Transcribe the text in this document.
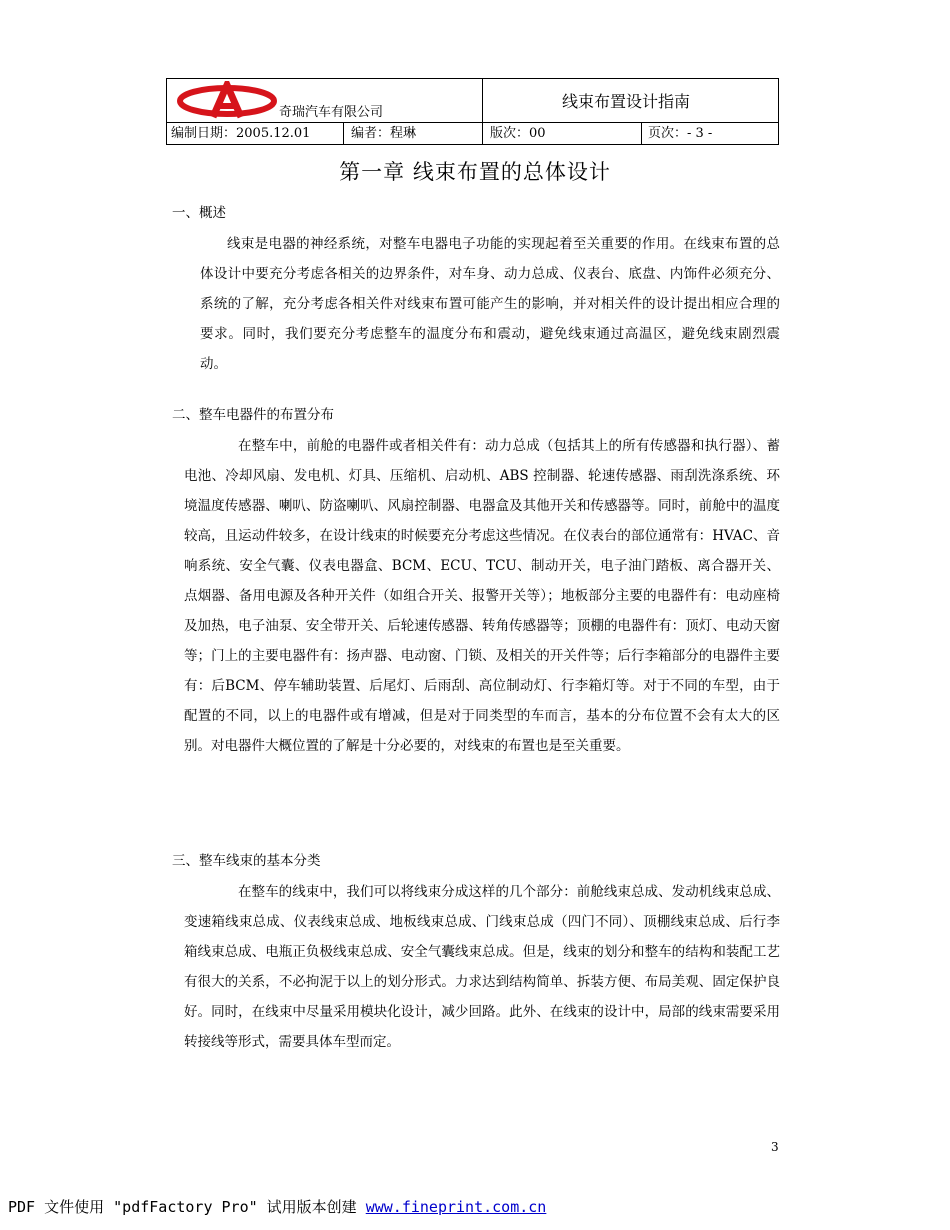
奇瑞汽车有限公司
线束布置设计指南
编制日期：2005.12.01	编者：程琳	版次：00	页次：- 3 -
第一章 线束布置的总体设计
一、概述
线束是电器的神经系统，对整车电器电子功能的实现起着至关重要的作用。在线束布置的总体设计中要充分考虑各相关的边界条件，对车身、动力总成、仪表台、底盘、内饰件必须充分、系统的了解，充分考虑各相关件对线束布置可能产生的影响，并对相关件的设计提出相应合理的要求。同时，我们要充分考虑整车的温度分布和震动，避免线束通过高温区，避免线束剧烈震动。
二、整车电器件的布置分布
在整车中，前舱的电器件或者相关件有：动力总成（包括其上的所有传感器和执行器）、蓄电池、冷却风扇、发电机、灯具、压缩机、启动机、ABS 控制器、轮速传感器、雨刮洗涤系统、环境温度传感器、喇叭、防盗喇叭、风扇控制器、电器盒及其他开关和传感器等。同时，前舱中的温度较高，且运动件较多，在设计线束的时候要充分考虑这些情况。在仪表台的部位通常有：HVAC、音响系统、安全气囊、仪表电器盒、BCM、ECU、TCU、制动开关，电子油门踏板、离合器开关、点烟器、备用电源及各种开关件（如组合开关、报警开关等）；地板部分主要的电器件有：电动座椅及加热，电子油泵、安全带开关、后轮速传感器、转角传感器等；顶棚的电器件有：顶灯、电动天窗等；门上的主要电器件有：扬声器、电动窗、门锁、及相关的开关件等；后行李箱部分的电器件主要有：后BCM、停车辅助装置、后尾灯、后雨刮、高位制动灯、行李箱灯等。对于不同的车型，由于配置的不同，以上的电器件或有增减，但是对于同类型的车而言，基本的分布位置不会有太大的区别。对电器件大概位置的了解是十分必要的，对线束的布置也是至关重要。
三、整车线束的基本分类
在整车的线束中，我们可以将线束分成这样的几个部分：前舱线束总成、发动机线束总成、变速箱线束总成、仪表线束总成、地板线束总成、门线束总成（四门不同）、顶棚线束总成、后行李箱线束总成、电瓶正负极线束总成、安全气囊线束总成。但是，线束的划分和整车的结构和装配工艺有很大的关系，不必拘泥于以上的划分形式。力求达到结构简单、拆装方便、布局美观、固定保护良好。同时，在线束中尽量采用模块化设计，减少回路。此外、在线束的设计中，局部的线束需要采用转接线等形式，需要具体车型而定。
3
PDF 文件使用 "pdfFactory Pro" 试用版本创建 www.fineprint.com.cn
